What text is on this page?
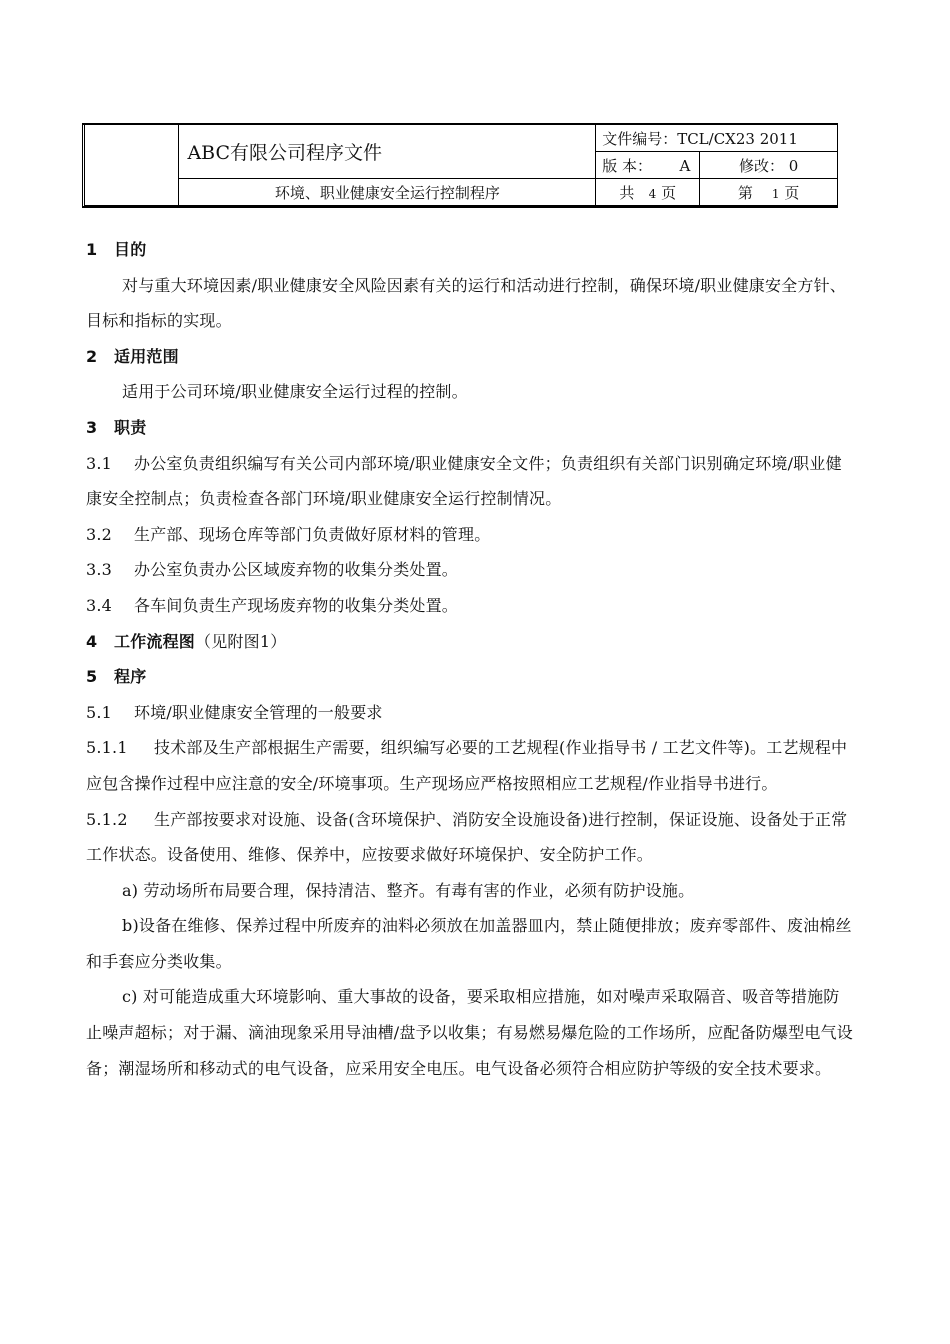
	ABC有限公司程序文件	文件编号：TCL/CX23 2011	
		版 本： A	修改： 0
	环境、职业健康安全运行控制程序	共 4 页	第 1 页

1 目的

对与重大环境因素/职业健康安全风险因素有关的运行和活动进行控制，确保环境/职业健康安全方针、目标和指标的实现。

2 适用范围

适用于公司环境/职业健康安全运行过程的控制。

3 职责

3.1 办公室负责组织编写有关公司内部环境/职业健康安全文件；负责组织有关部门识别确定环境/职业健康安全控制点；负责检查各部门环境/职业健康安全运行控制情况。

3.2 生产部、现场仓库等部门负责做好原材料的管理。

3.3 办公室负责办公区域废弃物的收集分类处置。

3.4 各车间负责生产现场废弃物的收集分类处置。

4 工作流程图（见附图1）

5 程序

5.1 环境/职业健康安全管理的一般要求

5.1.1 技术部及生产部根据生产需要，组织编写必要的工艺规程(作业指导书 / 工艺文件等)。工艺规程中应包含操作过程中应注意的安全/环境事项。生产现场应严格按照相应工艺规程/作业指导书进行。

5.1.2 生产部按要求对设施、设备(含环境保护、消防安全设施设备)进行控制，保证设施、设备处于正常工作状态。设备使用、维修、保养中，应按要求做好环境保护、安全防护工作。

a) 劳动场所布局要合理，保持清洁、整齐。有毒有害的作业，必须有防护设施。

b)设备在维修、保养过程中所废弃的油料必须放在加盖器皿内，禁止随便排放；废弃零部件、废油棉丝和手套应分类收集。

c) 对可能造成重大环境影响、重大事故的设备，要采取相应措施，如对噪声采取隔音、吸音等措施防止噪声超标；对于漏、滴油现象采用导油槽/盘予以收集；有易燃易爆危险的工作场所，应配备防爆型电气设备；潮湿场所和移动式的电气设备，应采用安全电压。电气设备必须符合相应防护等级的安全技术要求。
